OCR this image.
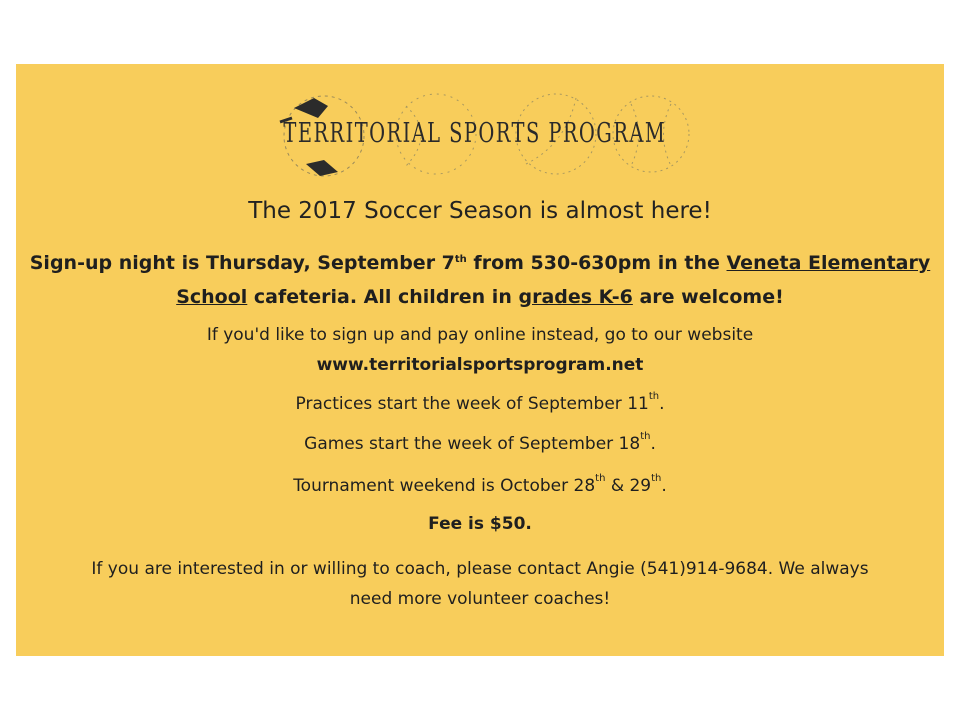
TERRITORIAL SPORTS PROGRAM
The 2017 Soccer Season is almost here!
Sign-up night is Thursday, September 7th from 530-630pm in the Veneta Elementary School cafeteria. All children in grades K-6 are welcome!
If you'd like to sign up and pay online instead, go to our website
www.territorialsportsprogram.net
Practices start the week of September 11th.
Games start the week of September 18th.
Tournament weekend is October 28th & 29th.
Fee is $50.
If you are interested in or willing to coach, please contact Angie (541)914-9684. We always
need more volunteer coaches!
